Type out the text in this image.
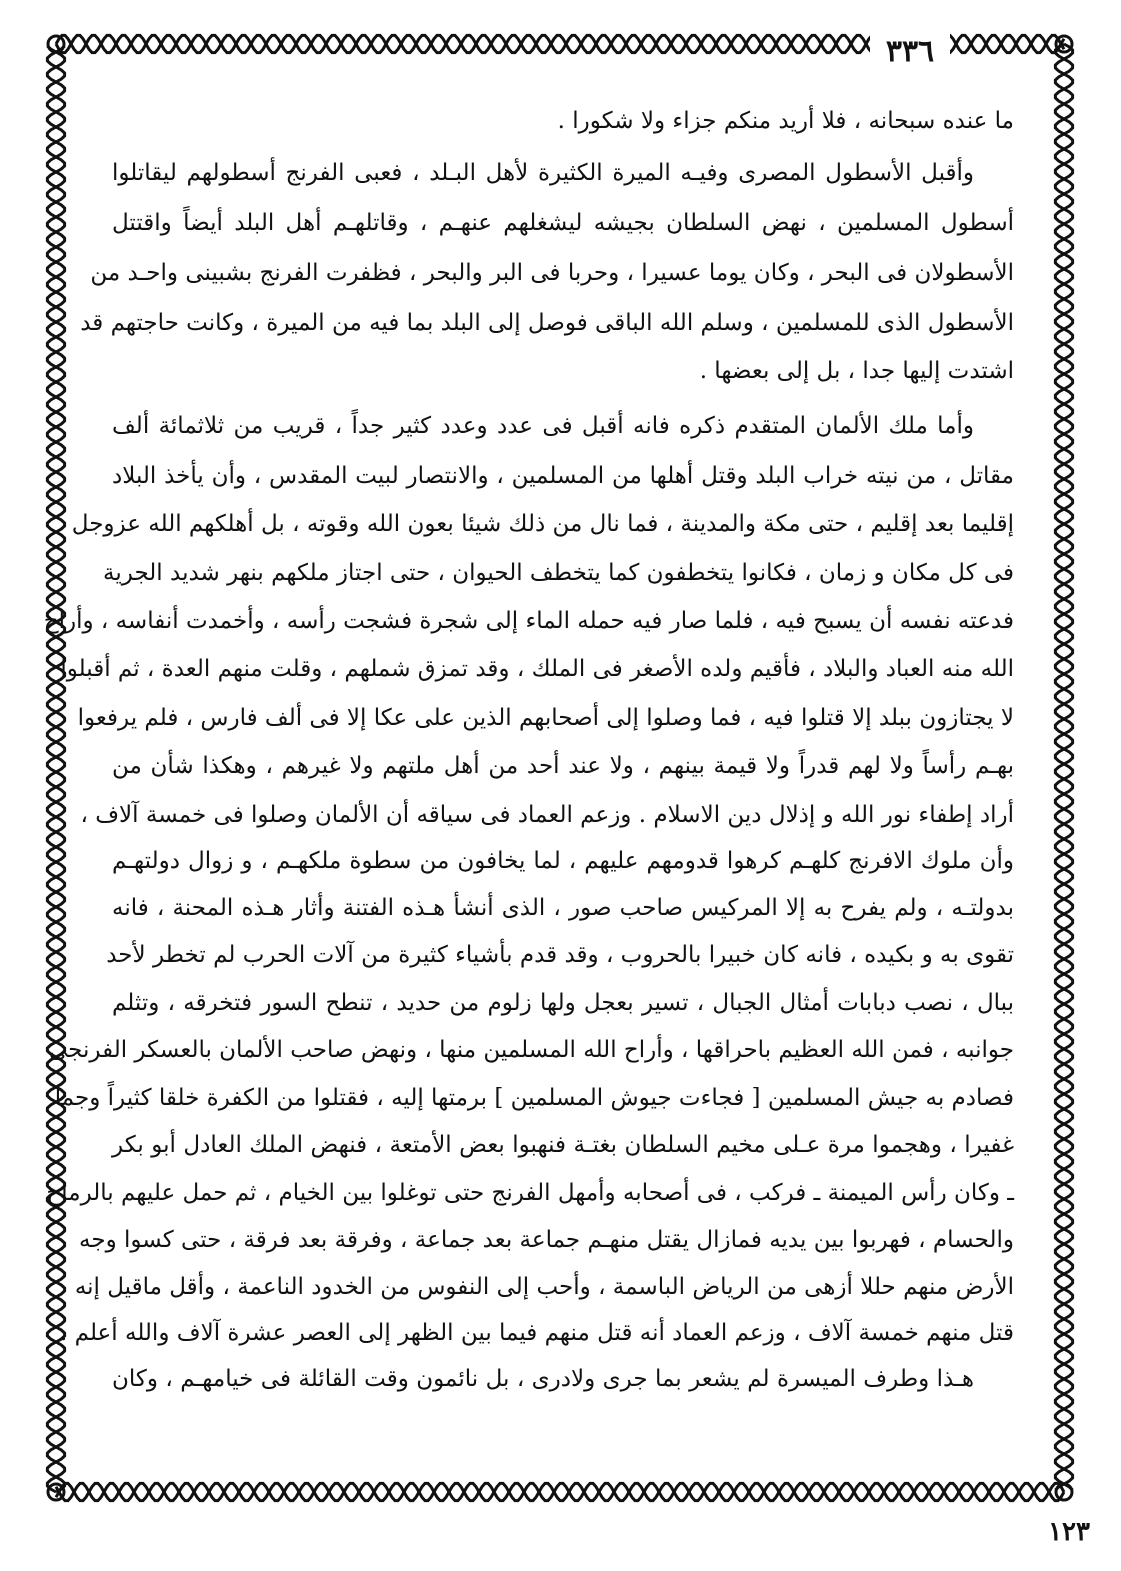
٣٣٦
ما عنده سبحانه ، فلا أريد منكم جزاء ولا شكورا .
وأقبل الأسطول المصرى وفيـه الميرة الكثيرة لأهل البـلد ، فعبى الفرنج أسطولهم ليقاتلوا
أسطول المسلمين ، نهض السلطان بجيشه ليشغلهم عنهـم ، وقاتلهـم أهل البلد أيضاً واقتتل
الأسطولان فى البحر ، وكان يوما عسيرا ، وحربا فى البر والبحر ، فظفرت الفرنج بشبينى واحـد من
الأسطول الذى للمسلمين ، وسلم الله الباقى فوصل إلى البلد بما فيه من الميرة ، وكانت حاجتهم قد
اشتدت إليها جدا ، بل إلى بعضها .
وأما ملك الألمان المتقدم ذكره فانه أقبل فى عدد وعدد كثير جداً ، قريب من ثلاثمائة ألف
مقاتل ، من نيته خراب البلد وقتل أهلها من المسلمين ، والانتصار لبيت المقدس ، وأن يأخذ البلاد
إقليما بعد إقليم ، حتى مكة والمدينة ، فما نال من ذلك شيئا بعون الله وقوته ، بل أهلكهم الله عزوجل
فى كل مكان و زمان ، فكانوا يتخطفون كما يتخطف الحيوان ، حتى اجتاز ملكهم بنهر شديد الجرية
فدعته نفسه أن يسبح فيه ، فلما صار فيه حمله الماء إلى شجرة فشجت رأسه ، وأخمدت أنفاسه ، وأراح
الله منه العباد والبلاد ، فأقيم ولده الأصغر فى الملك ، وقد تمزق شملهم ، وقلت منهم العدة ، ثم أقبلوا
لا يجتازون ببلد إلا قتلوا فيه ، فما وصلوا إلى أصحابهم الذين على عكا إلا فى ألف فارس ، فلم يرفعوا
بهـم رأساً ولا لهم قدراً ولا قيمة بينهم ، ولا عند أحد من أهل ملتهم ولا غيرهم ، وهكذا شأن من
أراد إطفاء نور الله و إذلال دين الاسلام . وزعم العماد فى سياقه أن الألمان وصلوا فى خمسة آلاف ،
وأن ملوك الافرنج كلهـم كرهوا قدومهم عليهم ، لما يخافون من سطوة ملكهـم ، و زوال دولتهـم
بدولتـه ، ولم يفرح به إلا المركيس صاحب صور ، الذى أنشأ هـذه الفتنة وأثار هـذه المحنة ، فانه
تقوى به و بكيده ، فانه كان خبيرا بالحروب ، وقد قدم بأشياء كثيرة من آلات الحرب لم تخطر لأحد
ببال ، نصب دبابات أمثال الجبال ، تسير بعجل ولها زلوم من حديد ، تنطح السور فتخرقه ، وتثلم
جوانبه ، فمن الله العظيم باحراقها ، وأراح الله المسلمين منها ، ونهض صاحب الألمان بالعسكر الفرنجى
فصادم به جيش المسلمين [ فجاءت جيوش المسلمين ] برمتها إليه ، فقتلوا من الكفرة خلقا كثيراً وجما
غفيرا ، وهجموا مرة عـلى مخيم السلطان بغتـة فنهبوا بعض الأمتعة ، فنهض الملك العادل أبو بكر
ـ وكان رأس الميمنة ـ فركب ، فى أصحابه وأمهل الفرنج حتى توغلوا بين الخيام ، ثم حمل عليهم بالرماح
والحسام ، فهربوا بين يديه فمازال يقتل منهـم جماعة بعد جماعة ، وفرقة بعد فرقة ، حتى كسوا وجه
الأرض منهم حللا أزهى من الرياض الباسمة ، وأحب إلى النفوس من الخدود الناعمة ، وأقل ماقيل إنه
قتل منهم خمسة آلاف ، وزعم العماد أنه قتل منهم فيما بين الظهر إلى العصر عشرة آلاف والله أعلم .
هـذا وطرف الميسرة لم يشعر بما جرى ولادرى ، بل نائمون وقت القائلة فى خيامهـم ، وكان
١٢٣
